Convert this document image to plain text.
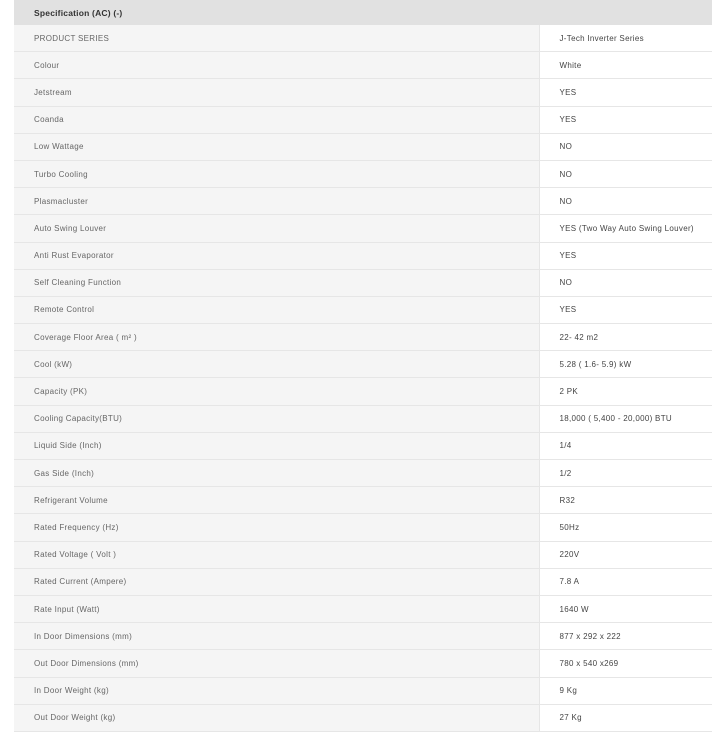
Specification (AC) (-)
PRODUCT SERIES	J-Tech Inverter Series
Colour	White
Jetstream	YES
Coanda	YES
Low Wattage	NO
Turbo Cooling	NO
Plasmacluster	NO
Auto Swing Louver	YES (Two Way Auto Swing Louver)
Anti Rust Evaporator	YES
Self Cleaning Function	NO
Remote Control	YES
Coverage Floor Area ( m² )	22- 42 m2
Cool (kW)	5.28 ( 1.6- 5.9) kW
Capacity (PK)	2 PK
Cooling Capacity(BTU)	18,000 ( 5,400 - 20,000) BTU
Liquid Side (Inch)	1/4
Gas Side (Inch)	1/2
Refrigerant Volume	R32
Rated Frequency (Hz)	50Hz
Rated Voltage ( Volt )	220V
Rated Current (Ampere)	7.8 A
Rate Input (Watt)	1640 W
In Door Dimensions (mm)	877 x 292 x 222
Out Door Dimensions (mm)	780 x 540 x269
In Door Weight (kg)	9 Kg
Out Door Weight (kg)	27 Kg
